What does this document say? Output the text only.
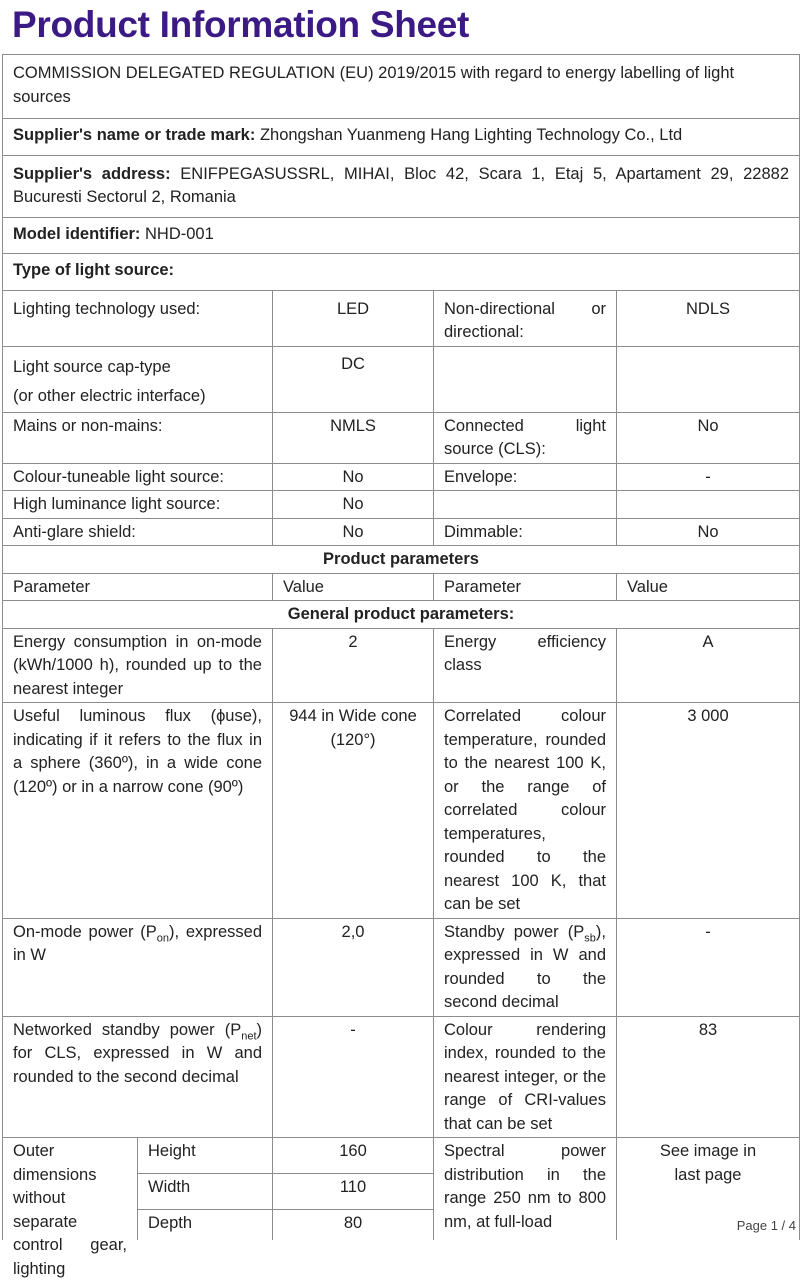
Product Information Sheet
COMMISSION DELEGATED REGULATION (EU) 2019/2015 with regard to energy labelling of light sources				
Supplier's name or trade mark: Zhongshan Yuanmeng Hang Lighting Technology Co., Ltd				
Supplier's address: ENIFPEGASUSSRL, MIHAI, Bloc 42, Scara 1, Etaj 5, Apartament 29, 22882 Bucuresti Sectorul 2, Romania				
Model identifier: NHD-001				
Type of light source:				
Lighting technology used:		LED	Non-directional or directional:	NDLS

Light source cap-type
(or other electric interface)		DC		
Mains or non-mains:		NMLS	Connected light source (CLS):	No
Colour-tuneable light source:		No	Envelope:	-
High luminance light source:		No		
Anti-glare shield:		No	Dimmable:	No
Product parameters				
Parameter		Value	Parameter	Value
General product parameters:				
Energy consumption in on-mode (kWh/1000 h), rounded up to the nearest integer		2	Energy efficiency class	A
Useful luminous flux (ϕuse), indicating if it refers to the flux in a sphere (360º), in a wide cone (120º) or in a narrow cone (90º)		944 in Wide cone (120°)	Correlated colour temperature, rounded to the nearest 100 K, or the range of correlated colour temperatures, rounded to the nearest 100 K, that can be set	3 000
On-mode power $(P_{on})$, expressed in W		2,0	Standby power $(P_{sb})$, expressed in W and rounded to the second decimal	-
Networked standby power $(P_{net})$ for CLS, expressed in W and rounded to the second decimal		-	Colour rendering index, rounded to the nearest integer, or the range of CRI-values that can be set	83

Outer dimensions without separate control gear, lighting	Height	160	Spectral power distribution in the range 250 nm to 800 nm, at full-load	See image in last page

	Width	110		
	Depth	80			Page 1 / 4
